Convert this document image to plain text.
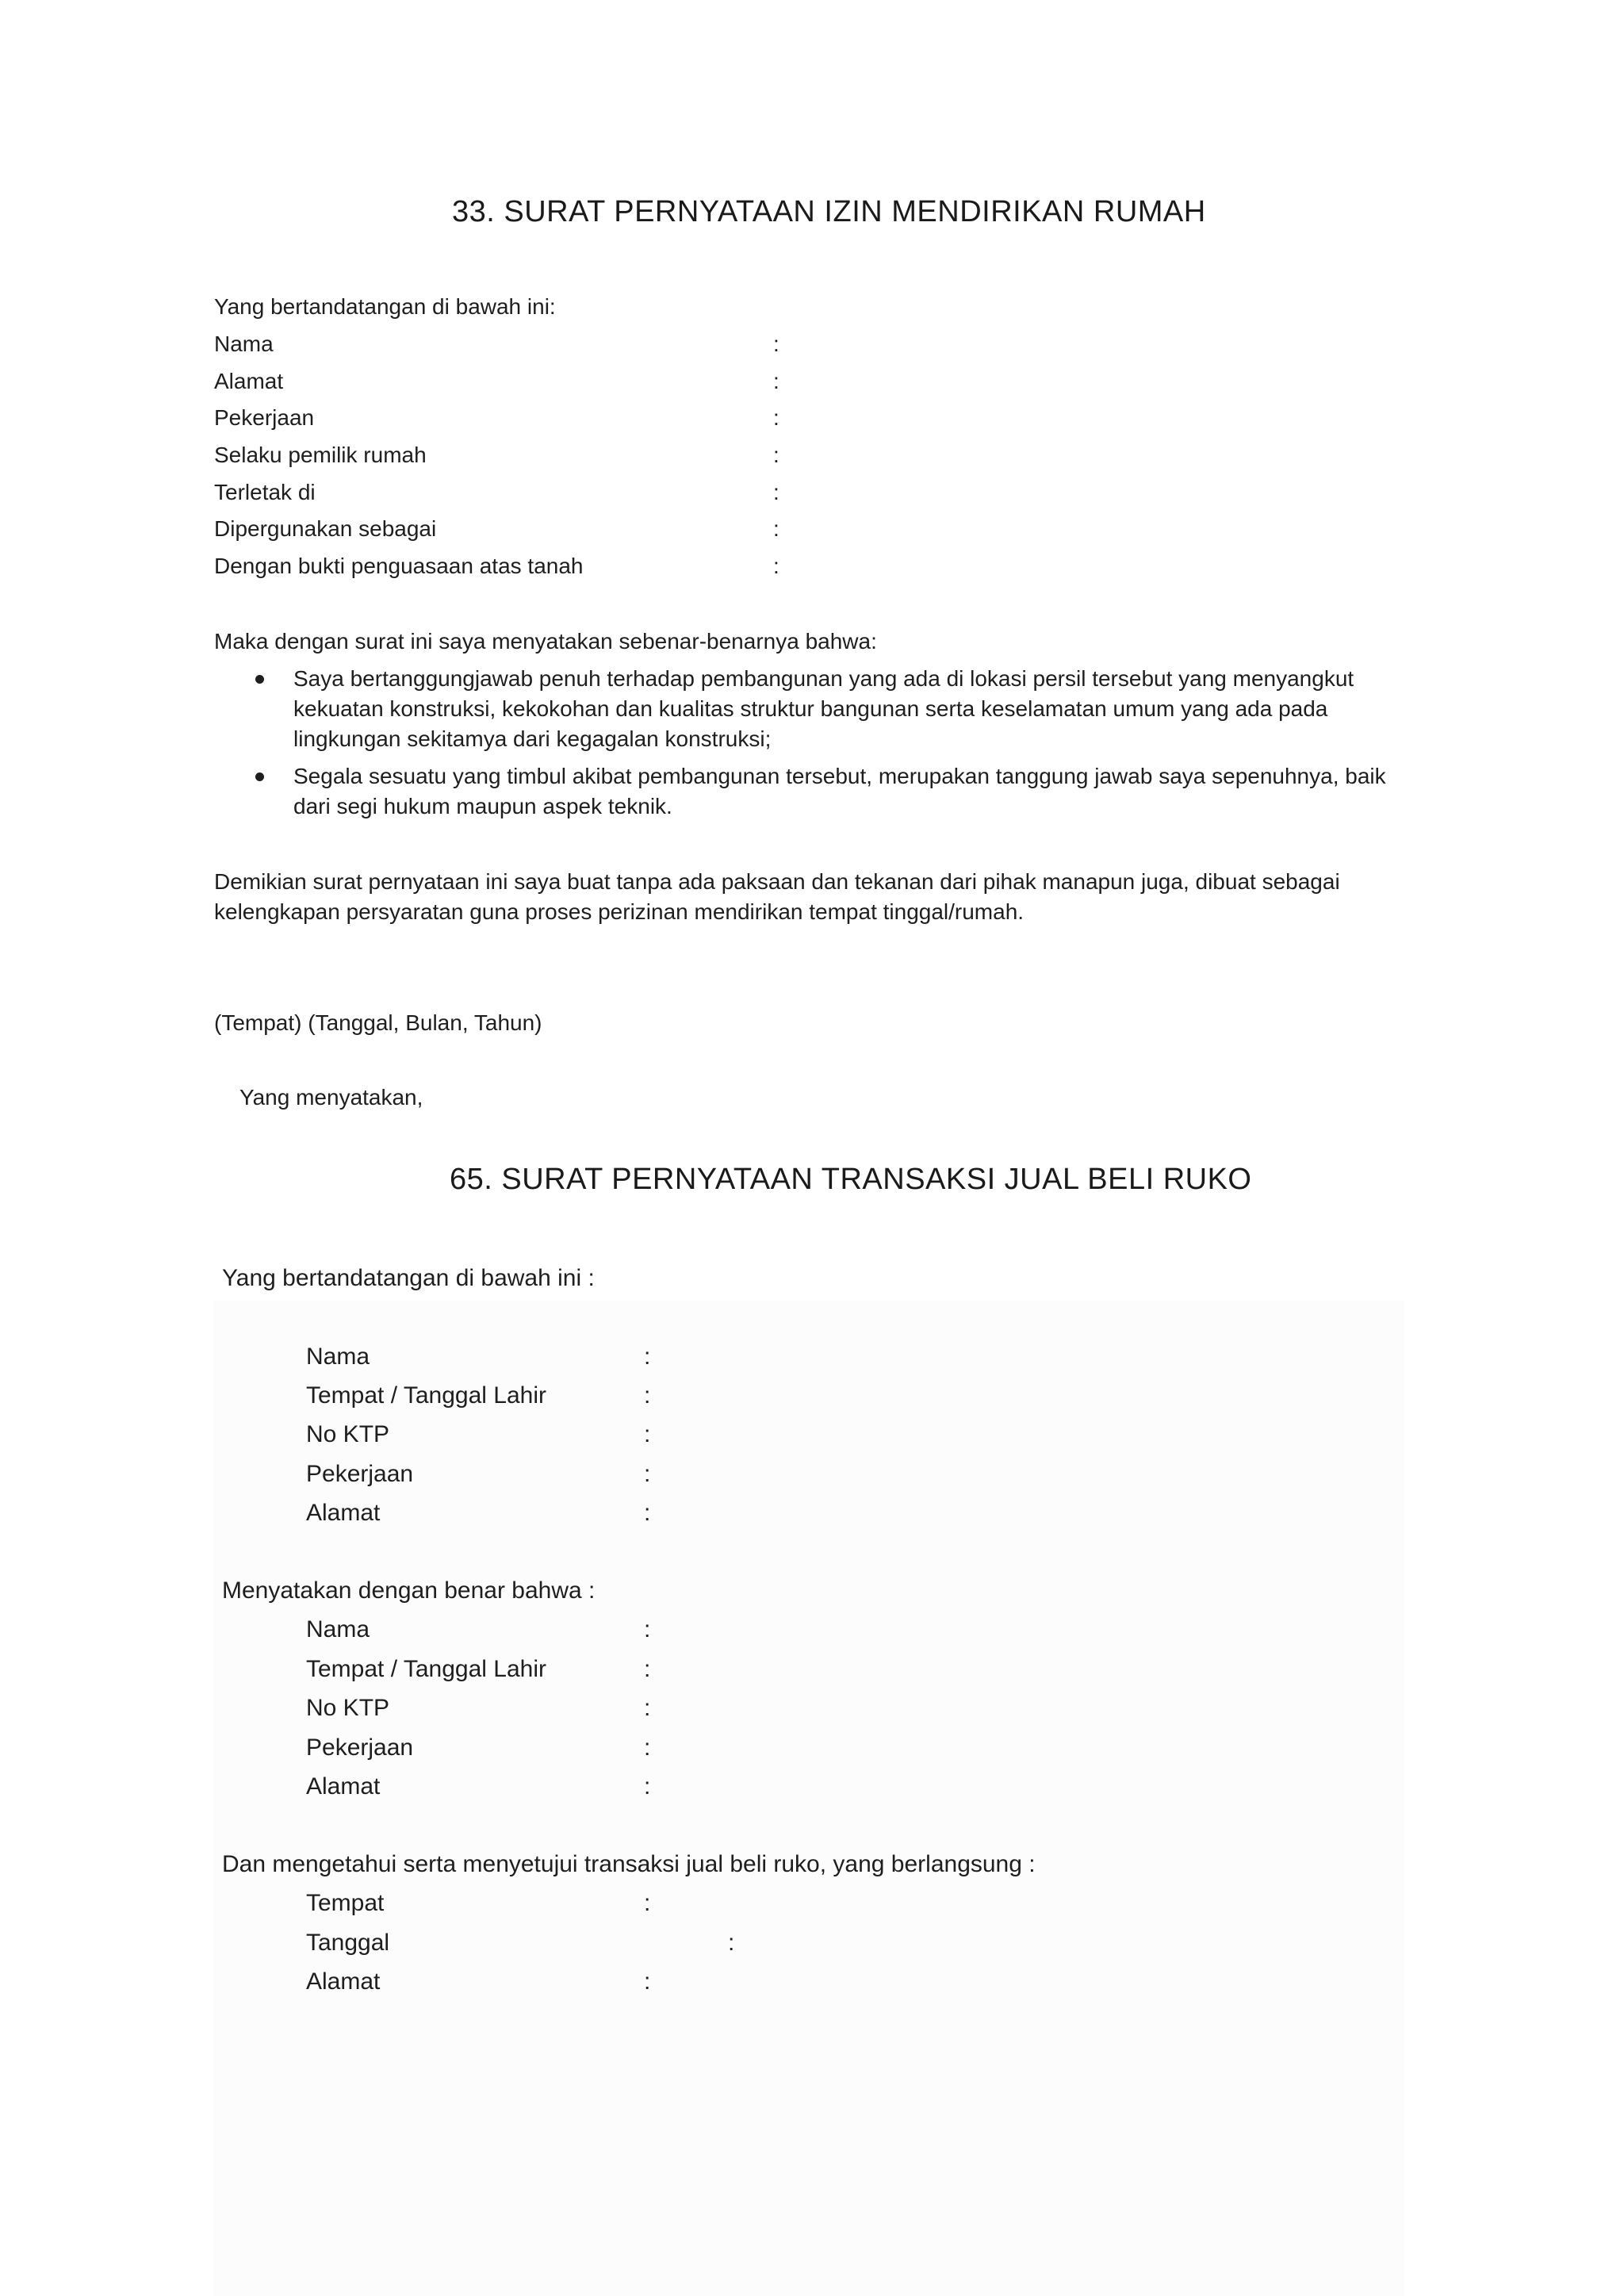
33. SURAT PERNYATAAN IZIN MENDIRIKAN RUMAH
Yang bertandatangan di bawah ini:
Nama	:
Alamat	:
Pekerjaan	:
Selaku pemilik rumah	:
Terletak di	:
Dipergunakan sebagai	:
Dengan bukti penguasaan atas tanah	:
Maka dengan surat ini saya menyatakan sebenar-benarnya bahwa:
Saya bertanggungjawab penuh terhadap pembangunan yang ada di lokasi persil tersebut yang menyangkut kekuatan konstruksi, kekokohan dan kualitas struktur bangunan serta keselamatan umum yang ada pada lingkungan sekitamya dari kegagalan konstruksi;
Segala sesuatu yang timbul akibat pembangunan tersebut, merupakan tanggung jawab saya sepenuhnya, baik dari segi hukum maupun aspek teknik.
Demikian surat pernyataan ini saya buat tanpa ada paksaan dan tekanan dari pihak manapun juga, dibuat sebagai kelengkapan persyaratan guna proses perizinan mendirikan tempat tinggal/rumah.
(Tempat) (Tanggal, Bulan, Tahun)
Yang menyatakan,
65. SURAT PERNYATAAN TRANSAKSI JUAL BELI RUKO
Yang bertandatangan di bawah ini :
Nama	:
Tempat / Tanggal Lahir	:
No KTP	:
Pekerjaan	:
Alamat	:
Menyatakan dengan benar bahwa :
Nama	:
Tempat / Tanggal Lahir	:
No KTP	:
Pekerjaan	:
Alamat	:
Dan mengetahui serta menyetujui transaksi jual beli ruko, yang berlangsung :
Tempat	:
Tanggal	:
Alamat	:
